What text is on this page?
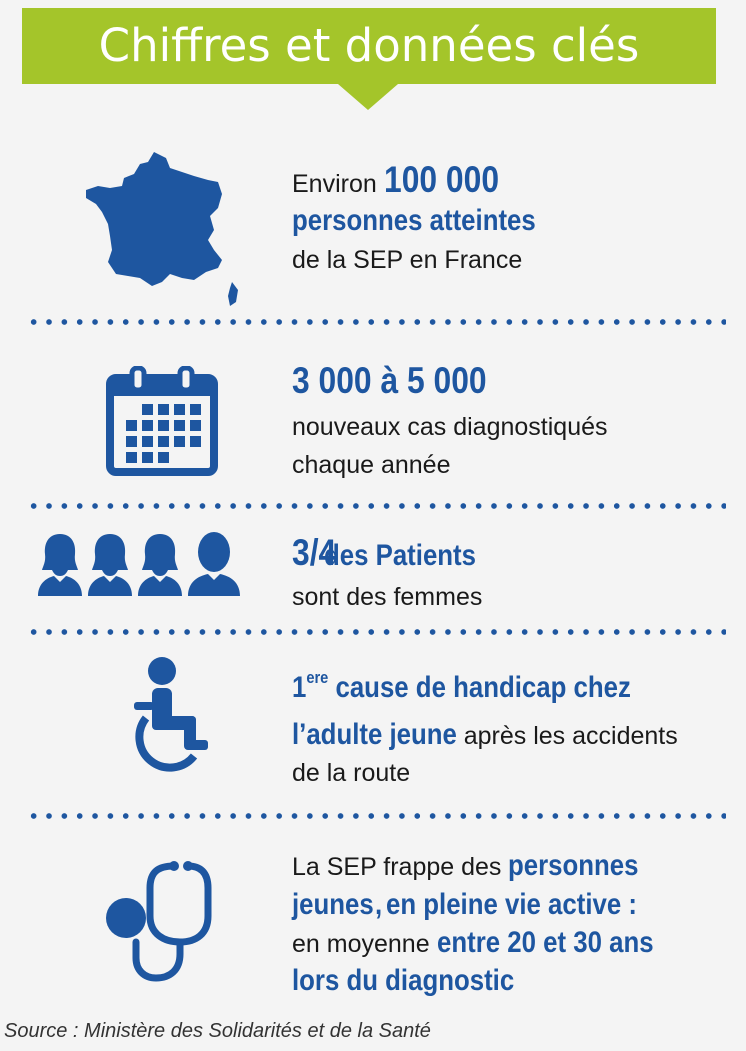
Chiffres et données clés
Environ 100 000
personnes atteintes
de la SEP en France
3 000 à 5 000
nouveaux cas diagnostiqués
chaque année
3/4 des Patients
sont des femmes
1ere cause de handicap chez
l’adulte jeune après les accidents
de la route
La SEP frappe des personnes
jeunes, en pleine vie active :
en moyenne entre 20 et 30 ans
lors du diagnostic
Source : Ministère des Solidarités et de la Santé
